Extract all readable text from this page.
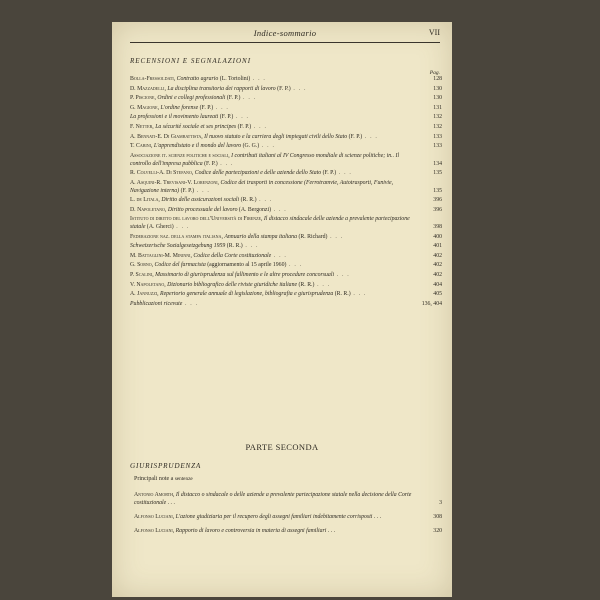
Indice-sommario	VII
RECENSIONI E SEGNALAZIONI
Pag.
Bolla-Fressoldati, Contratto agrario (L. Tortolini) . . .	128
D. Mazzadelli, La disciplina transitoria dei rapporti di lavoro (F. P.) . . .	130
P. Piscione, Ordini e collegi professionali (F. P.) . . .	130
G. Magione, L'ordine forense (F. P.) . . .	131
La professioni e il movimento laureati (F. P.) . . .	132
F. Netter, La sécurité sociale et ses principes (F. P.) . . .	132
A. Bennati-E. Di Giambattista, Il nuovo statuto e la carriera degli impiegati civili dello Stato (F. P.) . . .	133
T. Cabini, L'apprendistato e il mondo del lavoro (G. G.) . . .	133
Associazione it. scienze politiche e sociali, I contributi italiani al IV Congresso mondiale di scienze politiche; in.. Il controllo dell'impresa pubblica (F. P.) . . .	134
R. Colvelli-A. Di Stefano, Codice delle partecipazioni e delle aziende dello Stato (F. P.) . . .	135
A. Asquini-R. Trevisani-V. Lorenzoni, Codice dei trasporti in concessione (Ferrotramvie, Autotrasporti, Funivie, Navigazione interna) (F. P.) . . .	135
L. de Litala, Diritto delle assicurazioni sociali (R. R.) . . .	396
D. Napoletano, Diritto processuale del lavoro (A. Bergonzi) . . .	396
Istituto di diritto del lavoro dell'Università di Firenze, Il distacco sindacale delle aziende a prevalente partecipazione statale (A. Gherci) . . .	398
Federazione naz. della stampa italiana, Annuario della stampa italiana (R. Richard) . . .	400
Schweizerische Sozialgesetzgebung 1959 (R. R.) . . .	401
M. Battaglini-M. Mininni, Codice della Corte costituzionale . . .	402
G. Sorno, Codice del farmacista (aggiornamento al 15 aprile 1960) . . .	402
P. Scalini, Massimario di giurisprudenza sul fallimento e le altre procedure concorsuali . . .	402
V. Napoletano, Dizionario bibliografico delle riviste giuridiche italiane (R. R.) . . .	404
A. Jannuzzi, Repertorio generale annuale di legislazione, bibliografia e giurisprudenza (R. R.) . . .	405
Pubblicazioni ricevute . . .	136, 404
PARTE SECONDA
GIURISPRUDENZA
Principali note a sentenze
Antonio Amorth, Il distacco o sindacale o delle aziende a prevalente partecipazione statale nella decisione della Corte costituzionale . . .	3
Alfonso Luciani, L'azione giudiziaria per il recupero degli assegni familiari indebitamente corrisposti . . .	308
Alfonso Luciani, Rapporto di lavoro e controversia in materia di assegni familiari . . .	320
